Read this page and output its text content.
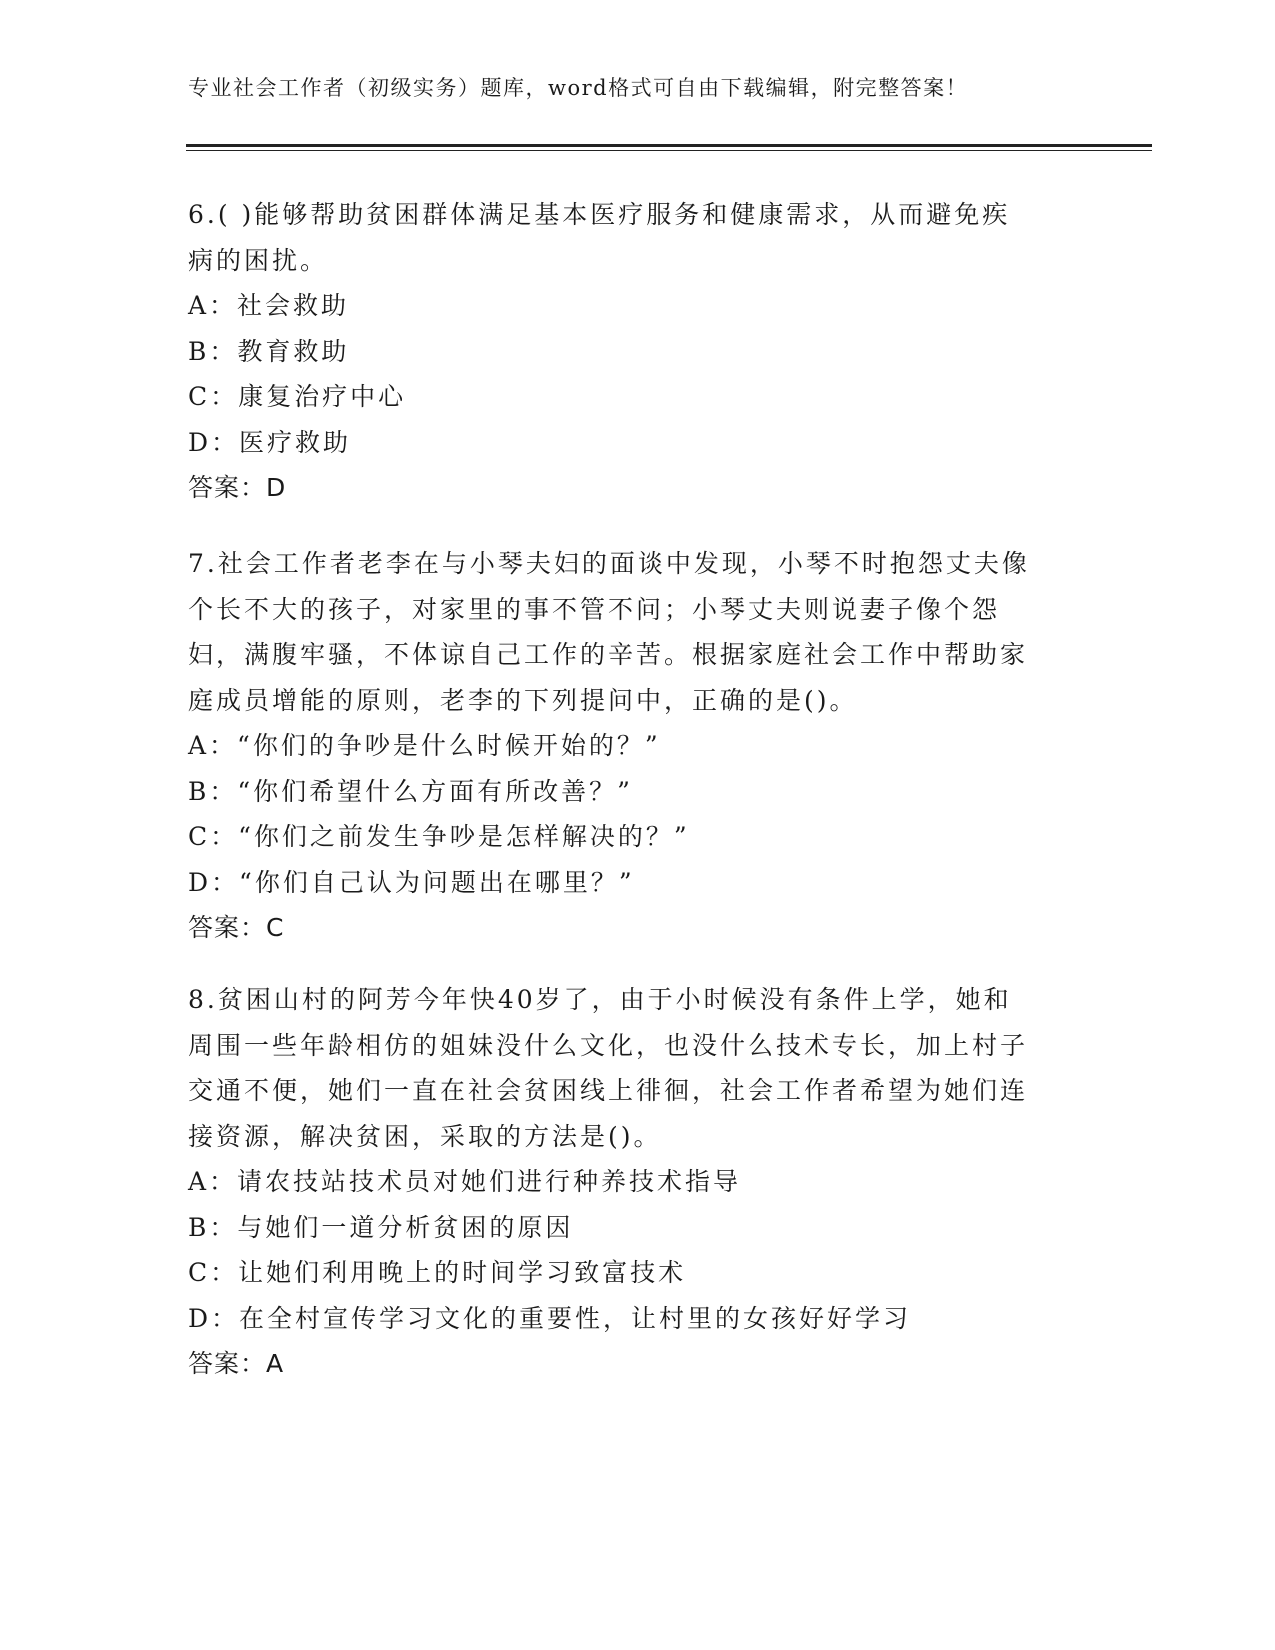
专业社会工作者（初级实务）题库，word格式可自由下载编辑，附完整答案！

6.( )能够帮助贫困群体满足基本医疗服务和健康需求，从而避免疾病的困扰。

A：社会救助

B：教育救助

C：康复治疗中心

D：医疗救助

答案：D

7.社会工作者老李在与小琴夫妇的面谈中发现，小琴不时抱怨丈夫像个长不大的孩子，对家里的事不管不问；小琴丈夫则说妻子像个怨妇，满腹牢骚，不体谅自己工作的辛苦。根据家庭社会工作中帮助家庭成员增能的原则，老李的下列提问中，正确的是()。

A：“你们的争吵是什么时候开始的？”

B：“你们希望什么方面有所改善？”

C：“你们之前发生争吵是怎样解决的？”

D：“你们自己认为问题出在哪里？”

答案：C

8.贫困山村的阿芳今年快40岁了，由于小时候没有条件上学，她和周围一些年龄相仿的姐妹没什么文化，也没什么技术专长，加上村子交通不便，她们一直在社会贫困线上徘徊，社会工作者希望为她们连接资源，解决贫困，采取的方法是()。

A：请农技站技术员对她们进行种养技术指导

B：与她们一道分析贫困的原因

C：让她们利用晚上的时间学习致富技术

D：在全村宣传学习文化的重要性，让村里的女孩好好学习

答案：A
